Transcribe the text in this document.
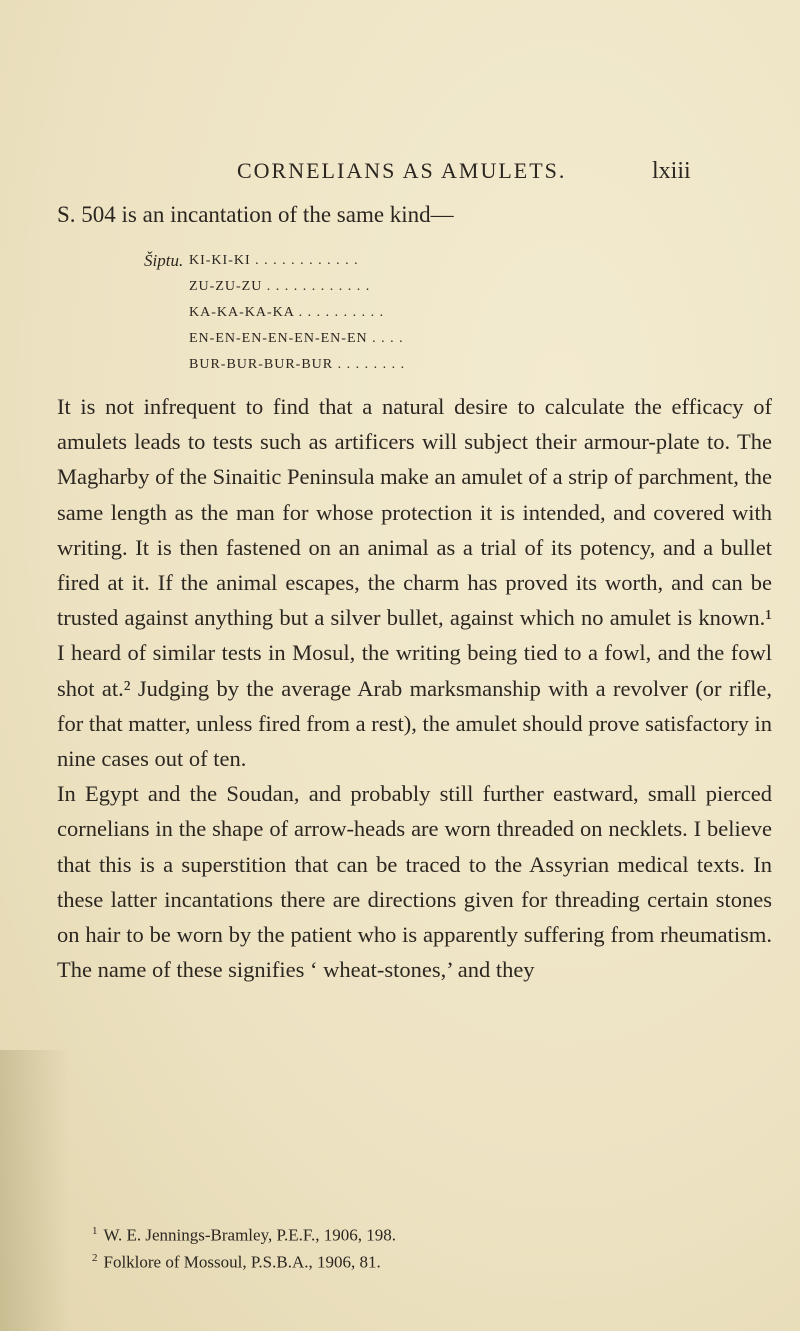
CORNELIANS AS AMULETS.	lxiii
S. 504 is an incantation of the same kind—
Šiptu. KI-KI-KI . . . . . . . . . . . .
ZU-ZU-ZU . . . . . . . . . . . .
KA-KA-KA-KA . . . . . . . . . .
EN-EN-EN-EN-EN-EN-EN . . . .
BUR-BUR-BUR-BUR . . . . . . . .

It is not infrequent to find that a natural desire to calculate the efficacy of amulets leads to tests such as artificers will subject their armour-plate to. The Magharby of the Sinaitic Peninsula make an amulet of a strip of parchment, the same length as the man for whose protection it is intended, and covered with writing. It is then fastened on an animal as a trial of its potency, and a bullet fired at it. If the animal escapes, the charm has proved its worth, and can be trusted against anything but a silver bullet, against which no amulet is known.¹ I heard of similar tests in Mosul, the writing being tied to a fowl, and the fowl shot at.² Judging by the average Arab marksmanship with a revolver (or rifle, for that matter, unless fired from a rest), the amulet should prove satisfactory in nine cases out of ten.

In Egypt and the Soudan, and probably still further eastward, small pierced cornelians in the shape of arrow-heads are worn threaded on necklets. I believe that this is a superstition that can be traced to the Assyrian medical texts. In these latter incantations there are directions given for threading certain stones on hair to be worn by the patient who is apparently suffering from rheumatism. The name of these signifies ‘ wheat-stones,’ and they

$^1$ W. E. Jennings-Bramley, P.E.F., 1906, 198.
$^2$ Folklore of Mossoul, P.S.B.A., 1906, 81.
